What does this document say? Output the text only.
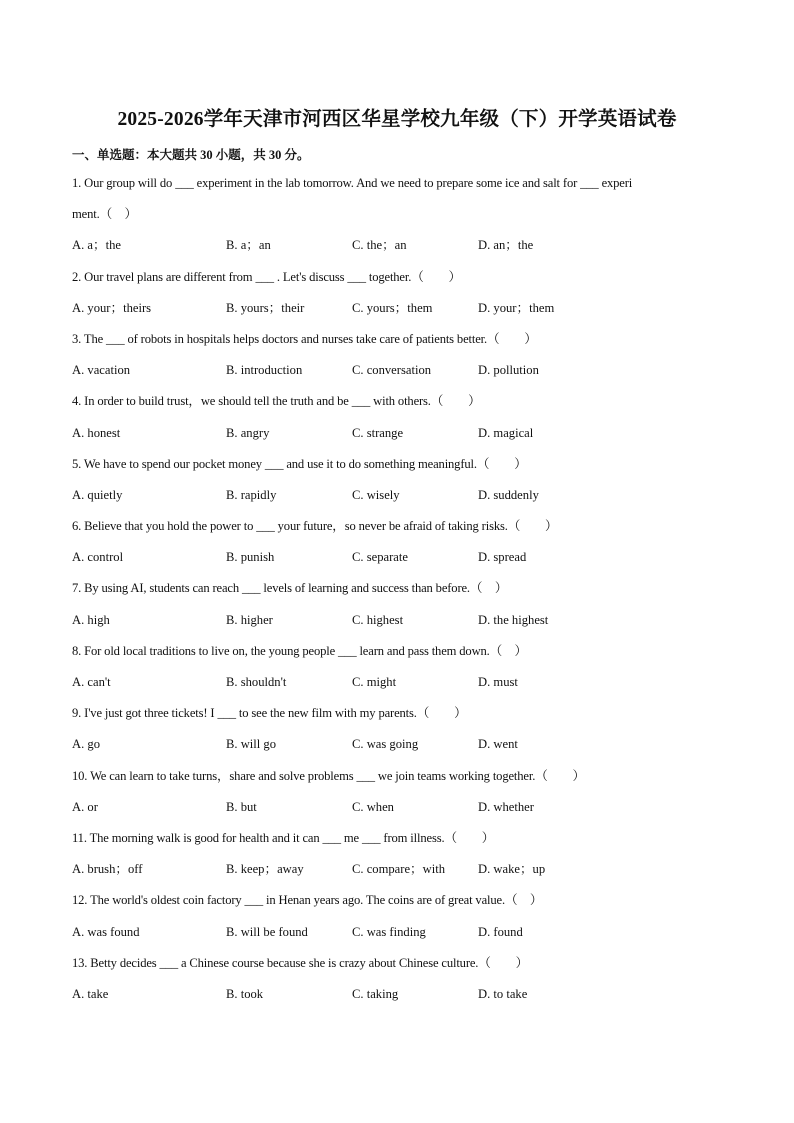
2025-2026学年天津市河西区华星学校九年级（下）开学英语试卷
一、单选题：本大题共 30 小题，共 30 分。
1. Our group will do ___ experiment in the lab tomorrow. And we need to prepare some ice and salt for ___ experi
ment.（　）
A. a；the	B. a；an	C. the；an	D. an；the
2. Our travel plans are different from ___ . Let's discuss ___ together.（　　）
A. your；theirs	B. yours；their	C. yours；them	D. your；them
3. The ___ of robots in hospitals helps doctors and nurses take care of patients better.（　　）
A. vacation	B. introduction	C. conversation	D. pollution
4. In order to build trust，we should tell the truth and be ___ with others.（　　）
A. honest	B. angry	C. strange	D. magical
5. We have to spend our pocket money ___ and use it to do something meaningful.（　　）
A. quietly	B. rapidly	C. wisely	D. suddenly
6. Believe that you hold the power to ___ your future，so never be afraid of taking risks.（　　）
A. control	B. punish	C. separate	D. spread
7. By using AI, students can reach ___ levels of learning and success than before.（　）
A. high	B. higher	C. highest	D. the highest
8. For old local traditions to live on, the young people ___ learn and pass them down.（　）
A. can't	B. shouldn't	C. might	D. must
9. I've just got three tickets! I ___ to see the new film with my parents.（　　）
A. go	B. will go	C. was going	D. went
10. We can learn to take turns，share and solve problems ___ we join teams working together.（　　）
A. or	B. but	C. when	D. whether
11. The morning walk is good for health and it can ___ me ___ from illness.（　　）
A. brush；off	B. keep；away	C. compare；with	D. wake；up
12. The world's oldest coin factory ___ in Henan years ago. The coins are of great value.（　）
A. was found	B. will be found	C. was finding	D. found
13. Betty decides ___ a Chinese course because she is crazy about Chinese culture.（　　）
A. take	B. took	C. taking	D. to take
